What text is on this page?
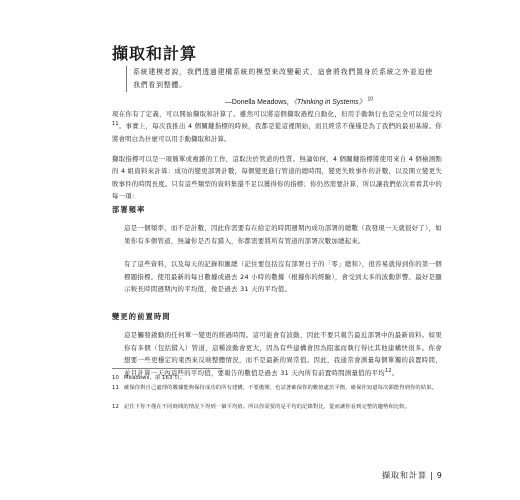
擷取和計算
系統建模者說，我們透過建構系統的模型來改變範式，這會將我們置身於系統之外並迫使我們看到整體。
—Donella Meadows，《Thinking in Systems》 $^{10}$

現在你有了定義，可以開始擷取和計算了。雖然可以將這個擷取過程自動化，但用手動執行也是完全可以接受的$^{11}$。事實上，每次我推出 4 個關鍵指標的時候，我都是從這裡開始，而且經常不僅僅是為了我們的最初基線。你將會明白為什麼可以用手動擷取和計算。

擷取指標可以是一項簡單或複雜的工作，這取決於管道的性質。無論如何，4 個關鍵指標將使用來自 4 個檢測點的 4 組資料來計算：成功的變更部署計數，每個變更進行管道的總時間，變更失敗事件的計數，以及開立變更失敗事件的時間長度。只有這些類型的資料集還不足以獲得你的指標；你仍然需要計算，所以讓我們依次看看其中的每一項：

部署頻率

這是一個頻率，而不是計數，因此你需要有在給定的時間週期內成功部署的總數（我發現一天就很好了），如果你有多個管道，無論你是否有錯入，你都需要將所有管道的部署次數加總起來。

有了這些資料，以及每天的記錄和匯總（記住要包括沒有部署日子的「零」總和），很容易就得到你的第一個標題指標。使用最新的每日數據或過去 24 小時的數據（根據你的經驗），會受到太多的波動影響。最好是顯示較長時間週期內的平均值，像是過去 31 天的平均值。

變更的前置時間

這是觸發啟動的任何單一變更的經過時間。這可能會有波動，因此不要只報告最近部署中的最新資料。如果你有多個（包括錯入）管道，這種波動會更大，因為有些建構會因為阻塞而執行得比其他建構快很多。你會想要一些更穩定的東西來反映整體情況，而不是最新的異常值。因此，我通常會測量每個單獨的前置時間，並且計算一天內這些的平均值，要報告的數值是過去 31 天內所有前置時間測量值的平均$^{12}$。

10 Meadows，第 163 頁。

11 確保你對自己處理的數據能夠保持成功的所有建構，不要拋開，也試著確保你的數值處於平衡，確保你知道每次都能得到你的結果。

12 記住下你不僅在不同時間的情況下得到一個平均值。所以你需要的是平均的記錄對比，從而讓你看到完整的趨勢和比較。

擷取和計算 | 9
